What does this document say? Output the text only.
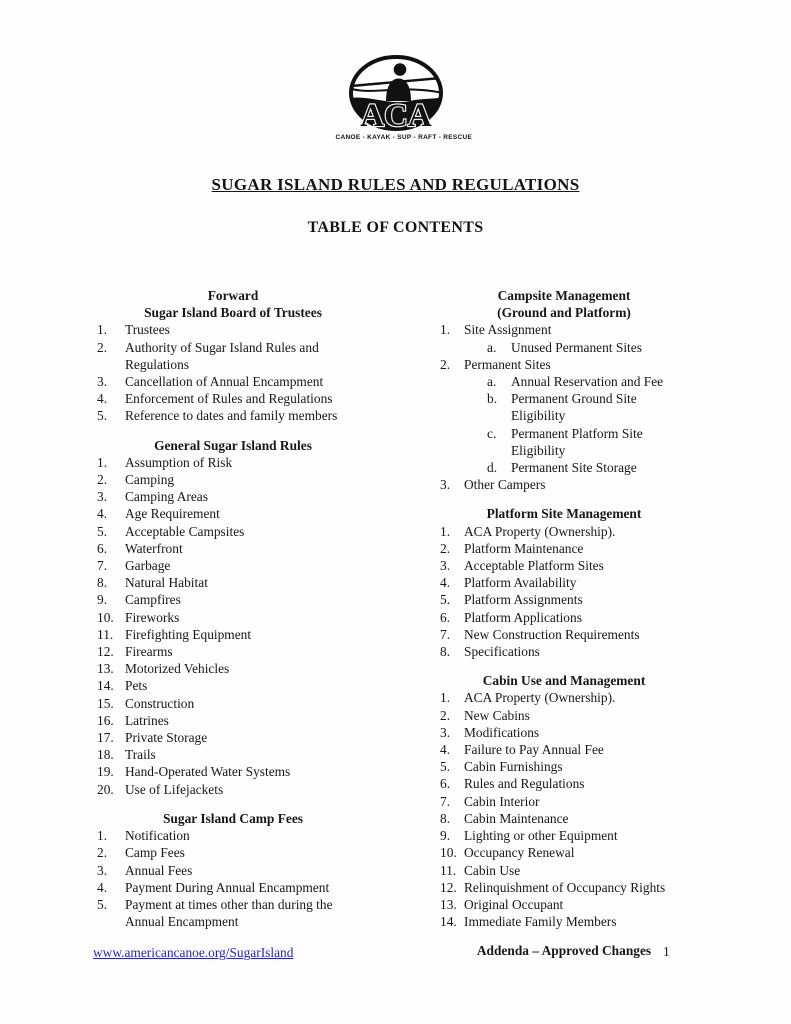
ACA
CANOE - KAYAK - SUP - RAFT - RESCUE
SUGAR ISLAND RULES AND REGULATIONS
TABLE OF CONTENTS
Forward
Sugar Island Board of Trustees
1.	Trustees
2.	Authority of Sugar Island Rules and Regulations
3.	Cancellation of Annual Encampment
4.	Enforcement of Rules and Regulations
5.	Reference to dates and family members
General Sugar Island Rules
1.	Assumption of Risk
2.	Camping
3.	Camping Areas
4.	Age Requirement
5.	Acceptable Campsites
6.	Waterfront
7.	Garbage
8.	Natural Habitat
9.	Campfires
10. Fireworks
11. Firefighting Equipment
12. Firearms
13. Motorized Vehicles
14. Pets
15. Construction
16. Latrines
17. Private Storage
18. Trails
19. Hand-Operated Water Systems
20. Use of Lifejackets
Sugar Island Camp Fees
1.	Notification
2.	Camp Fees
3.	Annual Fees
4.	Payment During Annual Encampment
5.	Payment at times other than during the Annual Encampment
Campsite Management
(Ground and Platform)
1.	Site Assignment
a.	Unused Permanent Sites
2.	Permanent Sites
a.	Annual Reservation and Fee
b.	Permanent Ground Site Eligibility
c.	Permanent Platform Site Eligibility
d.	Permanent Site Storage
3.	Other Campers
Platform Site Management
1.	ACA Property (Ownership).
2.	Platform Maintenance
3.	Acceptable Platform Sites
4.	Platform Availability
5.	Platform Assignments
6.	Platform Applications
7.	New Construction Requirements
8.	Specifications
Cabin Use and Management
1.	ACA Property (Ownership).
2.	New Cabins
3.	Modifications
4.	Failure to Pay Annual Fee
5.	Cabin Furnishings
6.	Rules and Regulations
7.	Cabin Interior
8.	Cabin Maintenance
9.	Lighting or other Equipment
10. Occupancy Renewal
11. Cabin Use
12. Relinquishment of Occupancy Rights
13. Original Occupant
14. Immediate Family Members
Addenda – Approved Changes
www.americancanoe.org/SugarIsland	1
